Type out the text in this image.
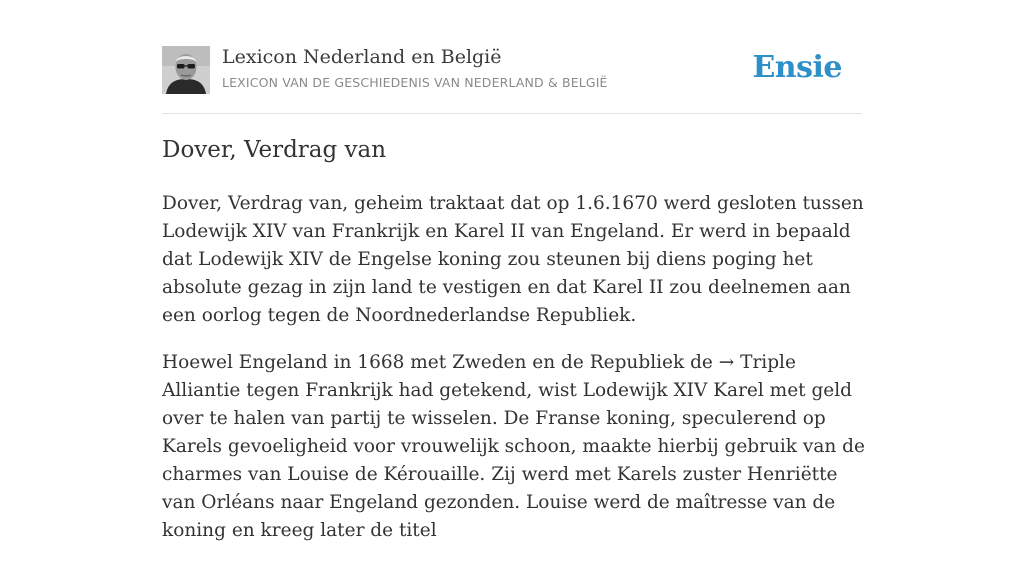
Lexicon Nederland en België
LEXICON VAN DE GESCHIEDENIS VAN NEDERLAND & BELGIË	Ensie
Dover, Verdrag van

Dover, Verdrag van, geheim traktaat dat op 1.6.1670 werd gesloten tussen Lodewijk XIV van Frankrijk en Karel II van Engeland. Er werd in bepaald dat Lodewijk XIV de Engelse koning zou steunen bij diens poging het absolute gezag in zijn land te vestigen en dat Karel II zou deelnemen aan een oorlog tegen de Noordnederlandse Republiek.

Hoewel Engeland in 1668 met Zweden en de Republiek de → Triple Alliantie tegen Frankrijk had getekend, wist Lodewijk XIV Karel met geld over te halen van partij te wisselen. De Franse koning, speculerend op Karels gevoeligheid voor vrouwelijk schoon, maakte hierbij gebruik van de charmes van Louise de Kérouaille. Zij werd met Karels zuster Henriëtte van Orléans naar Engeland gezonden. Louise werd de maîtresse van de koning en kreeg later de titel
